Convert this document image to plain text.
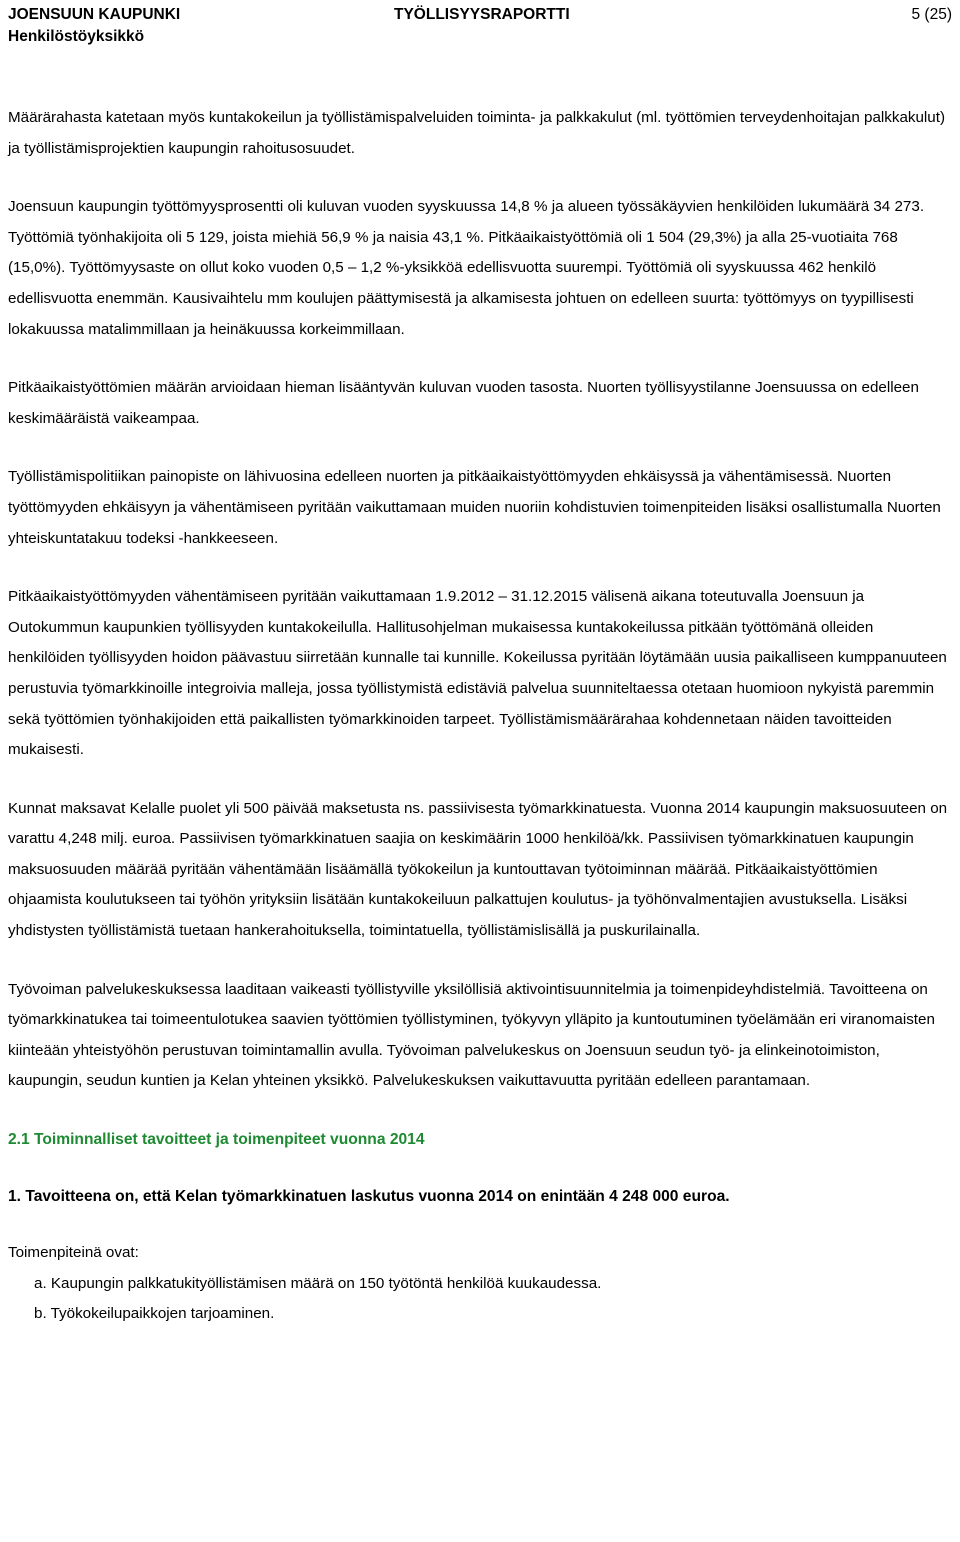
JOENSUUN KAUPUNKI	TYÖLLISYYSRAPORTTI	5 (25)
Henkilöstöyksikkö

Määrärahasta katetaan myös kuntakokeilun ja työllistämispalveluiden toiminta- ja palkkakulut (ml. työttömien terveydenhoitajan palkkakulut) ja työllistämisprojektien kaupungin rahoitusosuudet.

Joensuun kaupungin työttömyysprosentti oli kuluvan vuoden syyskuussa 14,8 % ja alueen työssäkäyvien henkilöiden lukumäärä 34 273. Työttömiä työnhakijoita oli 5 129, joista miehiä 56,9 % ja naisia 43,1 %. Pitkäaikaistyöttömiä oli 1 504 (29,3%) ja alla 25-vuotiaita 768 (15,0%). Työttömyysaste on ollut koko vuoden 0,5 – 1,2 %-yksikköä edellisvuotta suurempi. Työttömiä oli syyskuussa 462 henkilö edellisvuotta enemmän. Kausivaihtelu mm koulujen päättymisestä ja alkamisesta johtuen on edelleen suurta: työttömyys on tyypillisesti lokakuussa matalimmillaan ja heinäkuussa korkeimmillaan.

Pitkäaikaistyöttömien määrän arvioidaan hieman lisääntyvän kuluvan vuoden tasosta. Nuorten työllisyystilanne Joensuussa on edelleen keskimääräistä vaikeampaa.

Työllistämispolitiikan painopiste on lähivuosina edelleen nuorten ja pitkäaikaistyöttömyyden ehkäisyssä ja vähentämisessä. Nuorten työttömyyden ehkäisyyn ja vähentämiseen pyritään vaikuttamaan muiden nuoriin kohdistuvien toimenpiteiden lisäksi osallistumalla Nuorten yhteiskuntatakuu todeksi -hankkeeseen.

Pitkäaikaistyöttömyyden vähentämiseen pyritään vaikuttamaan 1.9.2012 – 31.12.2015 välisenä aikana toteutuvalla Joensuun ja Outokummun kaupunkien työllisyyden kuntakokeilulla. Hallitusohjelman mukaisessa kuntakokeilussa pitkään työttömänä olleiden henkilöiden työllisyyden hoidon päävastuu siirretään kunnalle tai kunnille. Kokeilussa pyritään löytämään uusia paikalliseen kumppanuuteen perustuvia työmarkkinoille integroivia malleja, jossa työllistymistä edistäviä palvelua suunniteltaessa otetaan huomioon nykyistä paremmin sekä työttömien työnhakijoiden että paikallisten työmarkkinoiden tarpeet. Työllistämismäärärahaa kohdennetaan näiden tavoitteiden mukaisesti.

Kunnat maksavat Kelalle puolet yli 500 päivää maksetusta ns. passiivisesta työmarkkinatuesta. Vuonna 2014 kaupungin maksuosuuteen on varattu 4,248 milj. euroa. Passiivisen työmarkkinatuen saajia on keskimäärin 1000 henkilöä/kk. Passiivisen työmarkkinatuen kaupungin maksuosuuden määrää pyritään vähentämään lisäämällä työkokeilun ja kuntouttavan työtoiminnan määrää. Pitkäaikaistyöttömien ohjaamista koulutukseen tai työhön yrityksiin lisätään kuntakokeiluun palkattujen koulutus- ja työhönvalmentajien avustuksella. Lisäksi yhdistysten työllistämistä tuetaan hankerahoituksella, toimintatuella, työllistämislisällä ja puskurilainalla.

Työvoiman palvelukeskuksessa laaditaan vaikeasti työllistyville yksilöllisiä aktivointisuunnitelmia ja toimenpideyhdistelmiä. Tavoitteena on työmarkkinatukea tai toimeentulotukea saavien työttömien työllistyminen, työkyvyn ylläpito ja kuntoutuminen työelämään eri viranomaisten kiinteään yhteistyöhön perustuvan toimintamallin avulla. Työvoiman palvelukeskus on Joensuun seudun työ- ja elinkeinotoimiston, kaupungin, seudun kuntien ja Kelan yhteinen yksikkö. Palvelukeskuksen vaikuttavuutta pyritään edelleen parantamaan.

2.1 Toiminnalliset tavoitteet ja toimenpiteet vuonna 2014
1. Tavoitteena on, että Kelan työmarkkinatuen laskutus vuonna 2014 on enintään 4 248 000 euroa.
Toimenpiteinä ovat:
a. Kaupungin palkkatukityöllistämisen määrä on 150 työtöntä henkilöä kuukaudessa.
b. Työkokeilupaikkojen tarjoaminen.
